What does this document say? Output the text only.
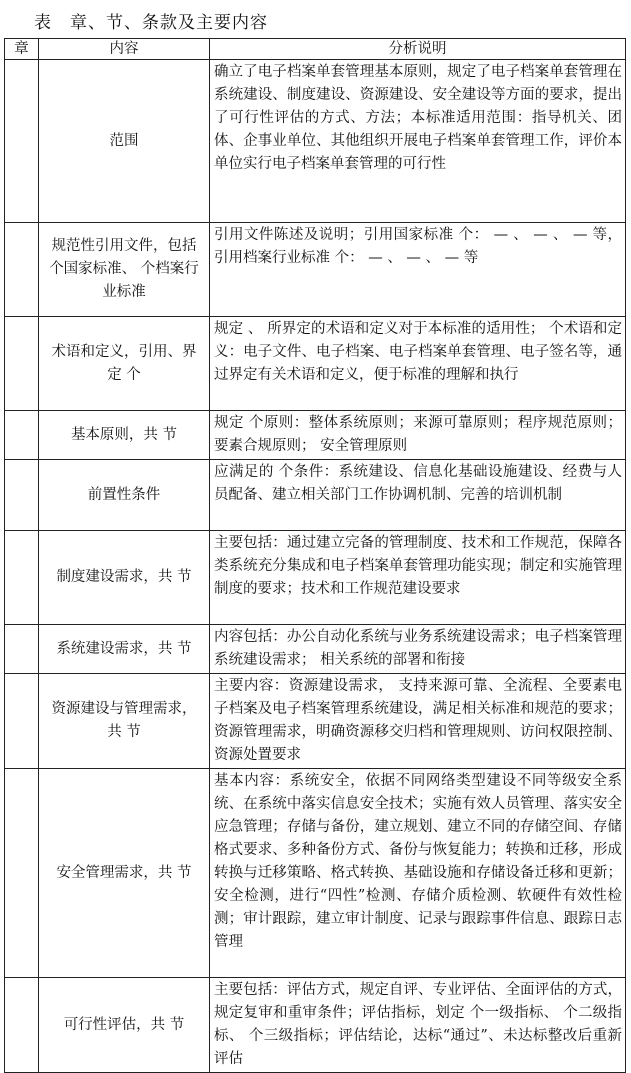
表　章、节、条款及主要内容
章	内容	分析说明
	范围	确立了电子档案单套管理基本原则，规定了电子档案单套管理在系统建设、制度建设、资源建设、安全建设等方面的要求，提出了可行性评估的方式、方法；本标准适用范围：指导机关、团体、企事业单位、其他组织开展电子档案单套管理工作，评价本单位实行电子档案单套管理的可行性
	规范性引用文件，包括 个国家标准、 个档案行业标准	引用文件陈述及说明；引用国家标准 个： — 、 — 、 — 等，引用档案行业标准 个： — 、 — 、 — 等
	术语和定义，引用、界定 个	规定 、 所界定的术语和定义对于本标准的适用性； 个术语和定义：电子文件、电子档案、电子档案单套管理、电子签名等，通过界定有关术语和定义，便于标准的理解和执行
	基本原则，共 节	规定 个原则：整体系统原则；来源可靠原则；程序规范原则；要素合规原则； 安全管理原则
	前置性条件	应满足的 个条件：系统建设、信息化基础设施建设、经费与人员配备、建立相关部门工作协调机制、完善的培训机制
	制度建设需求，共 节	主要包括：通过建立完备的管理制度、技术和工作规范，保障各类系统充分集成和电子档案单套管理功能实现；制定和实施管理制度的要求；技术和工作规范建设要求
	系统建设需求，共 节	内容包括：办公自动化系统与业务系统建设需求；电子档案管理系统建设需求； 相关系统的部署和衔接
	资源建设与管理需求，共 节	主要内容：资源建设需求， 支持来源可靠、全流程、全要素电子档案及电子档案管理系统建设，满足相关标准和规范的要求；资源管理需求，明确资源移交归档和管理规则、访问权限控制、资源处置要求
	安全管理需求，共 节	基本内容：系统安全，依据不同网络类型建设不同等级安全系统、在系统中落实信息安全技术；实施有效人员管理、落实安全应急管理；存储与备份，建立规划、建立不同的存储空间、存储格式要求、多种备份方式、备份与恢复能力；转换和迁移，形成转换与迁移策略、格式转换、基础设施和存储设备迁移和更新；安全检测，进行“四性”检测、存储介质检测、软硬件有效性检测；审计跟踪，建立审计制度、记录与跟踪事件信息、跟踪日志管理
	可行性评估，共 节	主要包括：评估方式，规定自评、专业评估、全面评估的方式，规定复审和重审条件；评估指标，划定 个一级指标、 个二级指标、 个三级指标；评估结论，达标“通过”、未达标整改后重新评估
